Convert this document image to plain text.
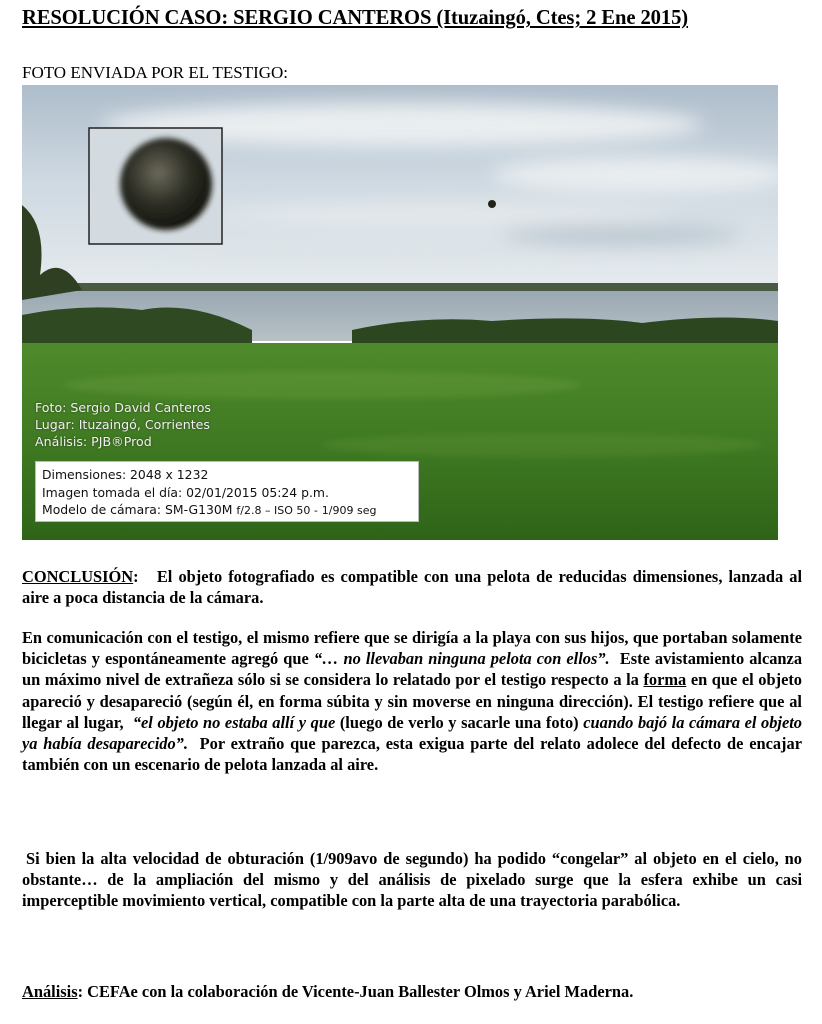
RESOLUCIÓN CASO: SERGIO CANTEROS (Ituzaingó, Ctes; 2 Ene 2015)
FOTO ENVIADA POR EL TESTIGO:
Foto: Sergio David Canteros
Lugar: Ituzaingó, Corrientes
Análisis: PJB®Prod
Dimensiones: 2048 x 1232
Imagen tomada el día: 02/01/2015 05:24 p.m.
Modelo de cámara: SM-G130M f/2.8 – ISO 50 - 1/909 seg
CONCLUSIÓN: El objeto fotografiado es compatible con una pelota de reducidas dimensiones, lanzada al aire a poca distancia de la cámara.
En comunicación con el testigo, el mismo refiere que se dirigía a la playa con sus hijos, que portaban solamente bicicletas y espontáneamente agregó que “… no llevaban ninguna pelota con ellos”. Este avistamiento alcanza un máximo nivel de extrañeza sólo si se considera lo relatado por el testigo respecto a la forma en que el objeto apareció y desapareció (según él, en forma súbita y sin moverse en ninguna dirección). El testigo refiere que al llegar al lugar, “el objeto no estaba allí y que (luego de verlo y sacarle una foto) cuando bajó la cámara el objeto ya había desaparecido”. Por extraño que parezca, esta exigua parte del relato adolece del defecto de encajar también con un escenario de pelota lanzada al aire.
Si bien la alta velocidad de obturación (1/909avo de segundo) ha podido “congelar” al objeto en el cielo, no obstante… de la ampliación del mismo y del análisis de pixelado surge que la esfera exhibe un casi imperceptible movimiento vertical, compatible con la parte alta de una trayectoria parabólica.
Análisis: CEFAe con la colaboración de Vicente-Juan Ballester Olmos y Ariel Maderna.
